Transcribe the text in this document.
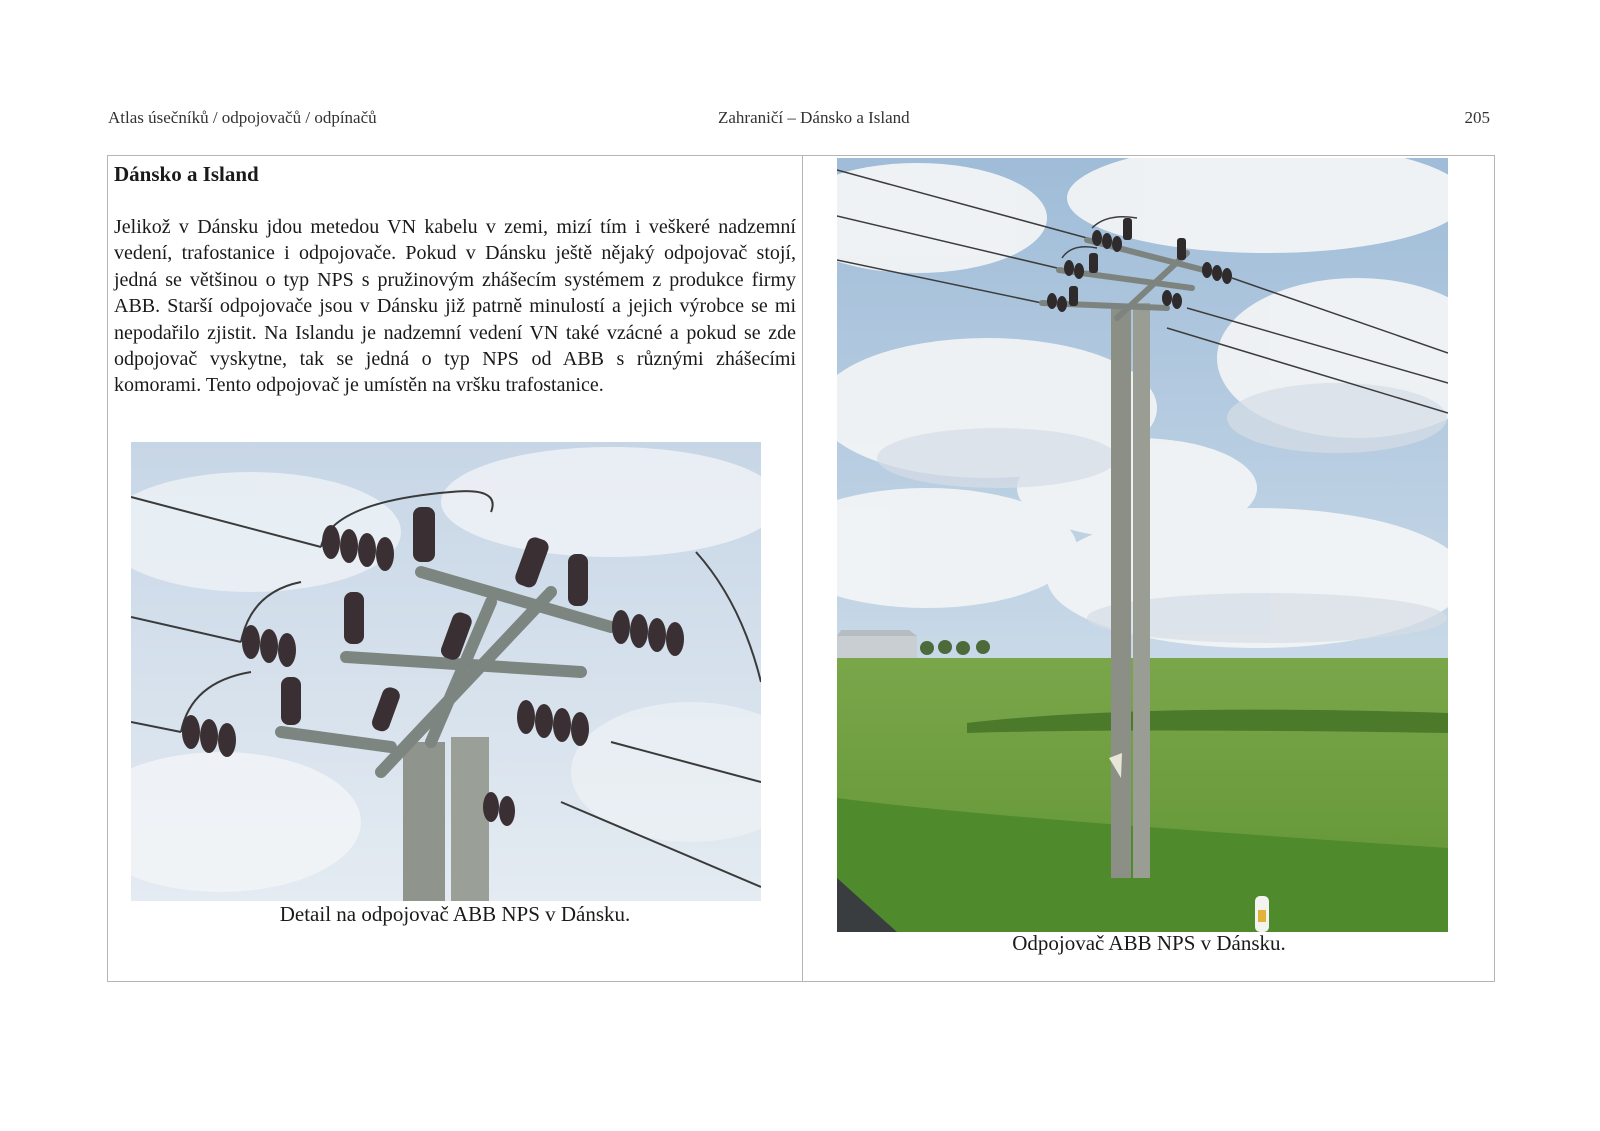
Atlas úsečníků / odpojovačů / odpínačů	Zahraničí – Dánsko a Island	205
Dánsko a Island

Jelikož v Dánsku jdou metedou VN kabelu v zemi, mizí tím i veškeré nadzemní vedení, trafostanice i odpojovače. Pokud v Dánsku ještě nějaký odpojovač stojí, jedná se většinou o typ NPS s pružinovým zhášecím systémem z produkce firmy ABB. Starší odpojovače jsou v Dánsku již patrně minulostí a jejich výrobce se mi nepodařilo zjistit. Na Islandu je nadzemní vedení VN také vzácné a pokud se zde odpojovač vyskytne, tak se jedná o typ NPS od ABB s různými zhášecími komorami. Tento odpojovač je umístěn na vršku trafostanice.

Detail na odpojovač ABB NPS v Dánsku.

Odpojovač ABB NPS v Dánsku.
